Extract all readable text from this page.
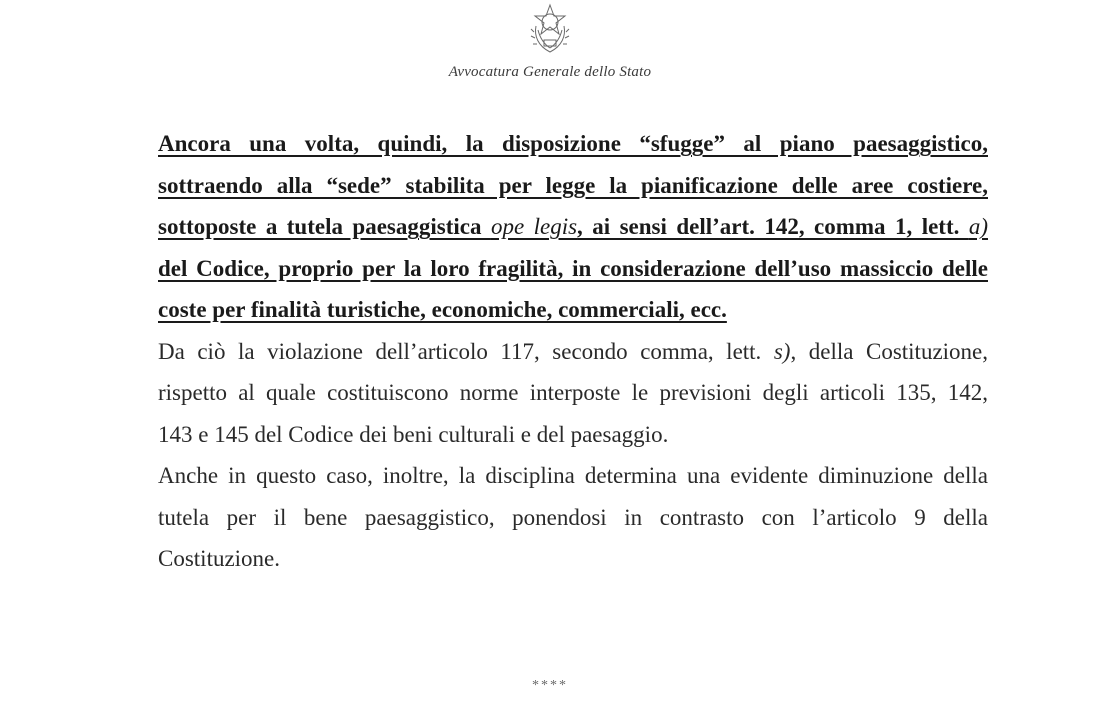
Avvocatura Generale dello Stato

Ancora una volta, quindi, la disposizione “sfugge” al piano paesaggistico,
sottraendo alla “sede” stabilita per legge la pianificazione delle aree costiere,
sottoposte a tutela paesaggistica ope legis, ai sensi dell’art. 142, comma 1, lett. a)
del Codice, proprio per la loro fragilità, in considerazione dell’uso massiccio delle
coste per finalità turistiche, economiche, commerciali, ecc.

Da ciò la violazione dell’articolo 117, secondo comma, lett. s), della Costituzione,
rispetto al quale costituiscono norme interposte le previsioni degli articoli 135, 142,
143 e 145 del Codice dei beni culturali e del paesaggio.

Anche in questo caso, inoltre, la disciplina determina una evidente diminuzione della
tutela per il bene paesaggistico, ponendosi in contrasto con l’articolo 9 della
Costituzione.

****
